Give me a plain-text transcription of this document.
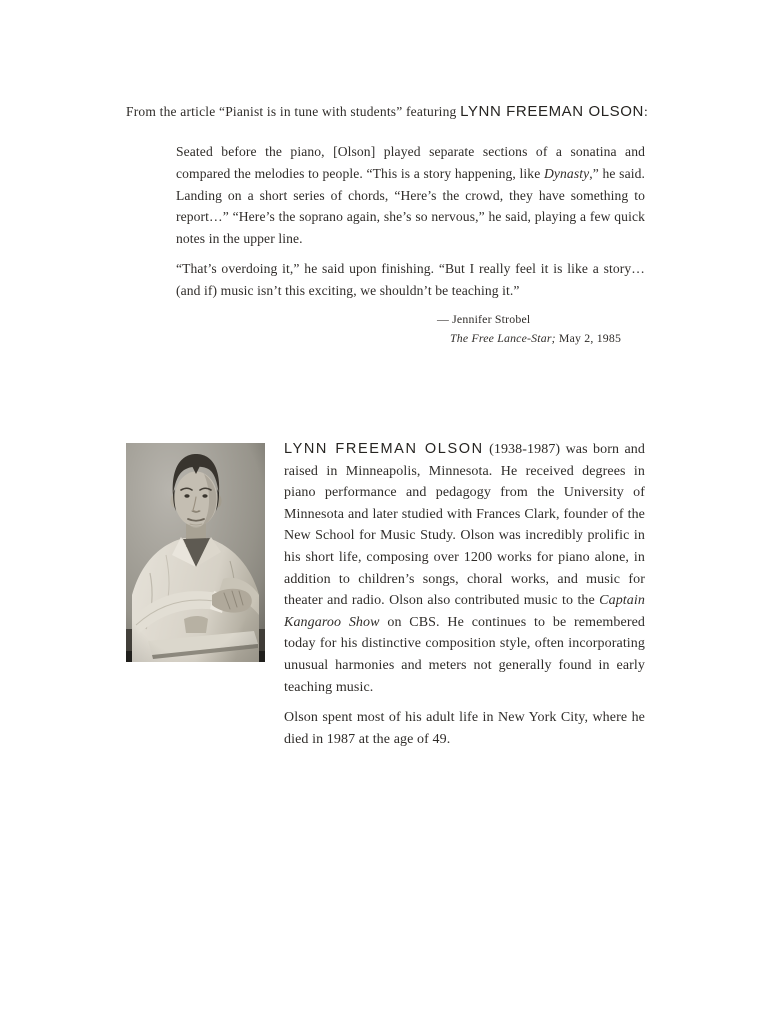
From the article “Pianist is in tune with students” featuring LYNN FREEMAN OLSON:

Seated before the piano, [Olson] played separate sections of a sonatina and compared the melodies to people. “This is a story happening, like Dynasty,” he said. Landing on a short series of chords, “Here’s the crowd, they have something to report…” “Here’s the soprano again, she’s so nervous,” he said, playing a few quick notes in the upper line.

“That’s overdoing it,” he said upon finishing. “But I really feel it is like a story… (and if) music isn’t this exciting, we shouldn’t be teaching it.”

— Jennifer Strobel
The Free Lance-Star; May 2, 1985

LYNN FREEMAN OLSON (1938-1987) was born and raised in Minneapolis, Minnesota. He received degrees in piano performance and pedagogy from the University of Minnesota and later studied with Frances Clark, founder of the New School for Music Study. Olson was incredibly prolific in his short life, composing over 1200 works for piano alone, in addition to children’s songs, choral works, and music for theater and radio. Olson also contributed music to the Captain Kangaroo Show on CBS. He continues to be remembered today for his distinctive composition style, often incorporating unusual harmonies and meters not generally found in early teaching music.

Olson spent most of his adult life in New York City, where he died in 1987 at the age of 49.
